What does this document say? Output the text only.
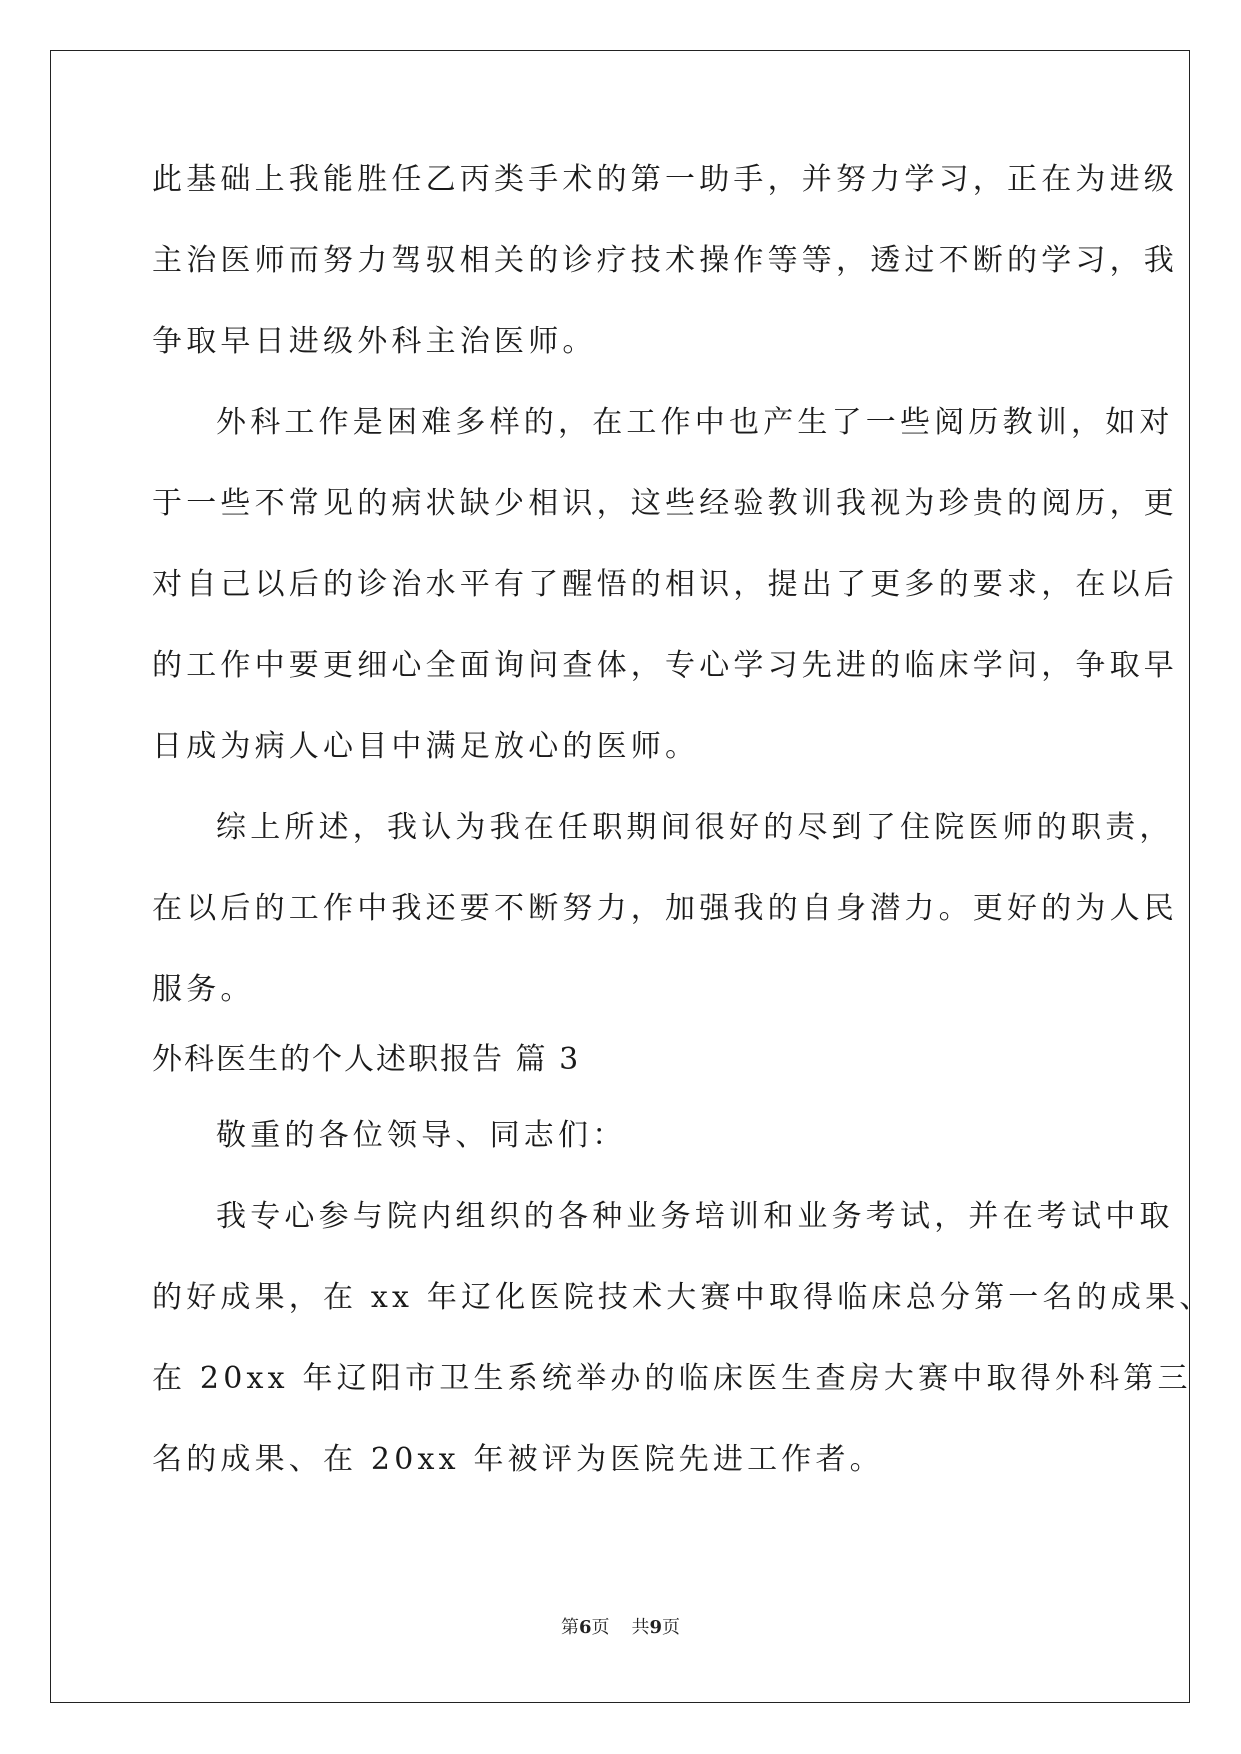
此基础上我能胜任乙丙类手术的第一助手，并努力学习，正在为进级

主治医师而努力驾驭相关的诊疗技术操作等等，透过不断的学习，我

争取早日进级外科主治医师。

外科工作是困难多样的，在工作中也产生了一些阅历教训，如对

于一些不常见的病状缺少相识，这些经验教训我视为珍贵的阅历，更

对自己以后的诊治水平有了醒悟的相识，提出了更多的要求，在以后

的工作中要更细心全面询问查体，专心学习先进的临床学问，争取早

日成为病人心目中满足放心的医师。

综上所述，我认为我在任职期间很好的尽到了住院医师的职责，

在以后的工作中我还要不断努力，加强我的自身潜力。更好的为人民

服务。

外科医生的个人述职报告 篇 3

敬重的各位领导、同志们：

我专心参与院内组织的各种业务培训和业务考试，并在考试中取

的好成果，在 xx 年辽化医院技术大赛中取得临床总分第一名的成果、

在 20xx 年辽阳市卫生系统举办的临床医生查房大赛中取得外科第三

名的成果、在 20xx 年被评为医院先进工作者。

第6页 共9页
